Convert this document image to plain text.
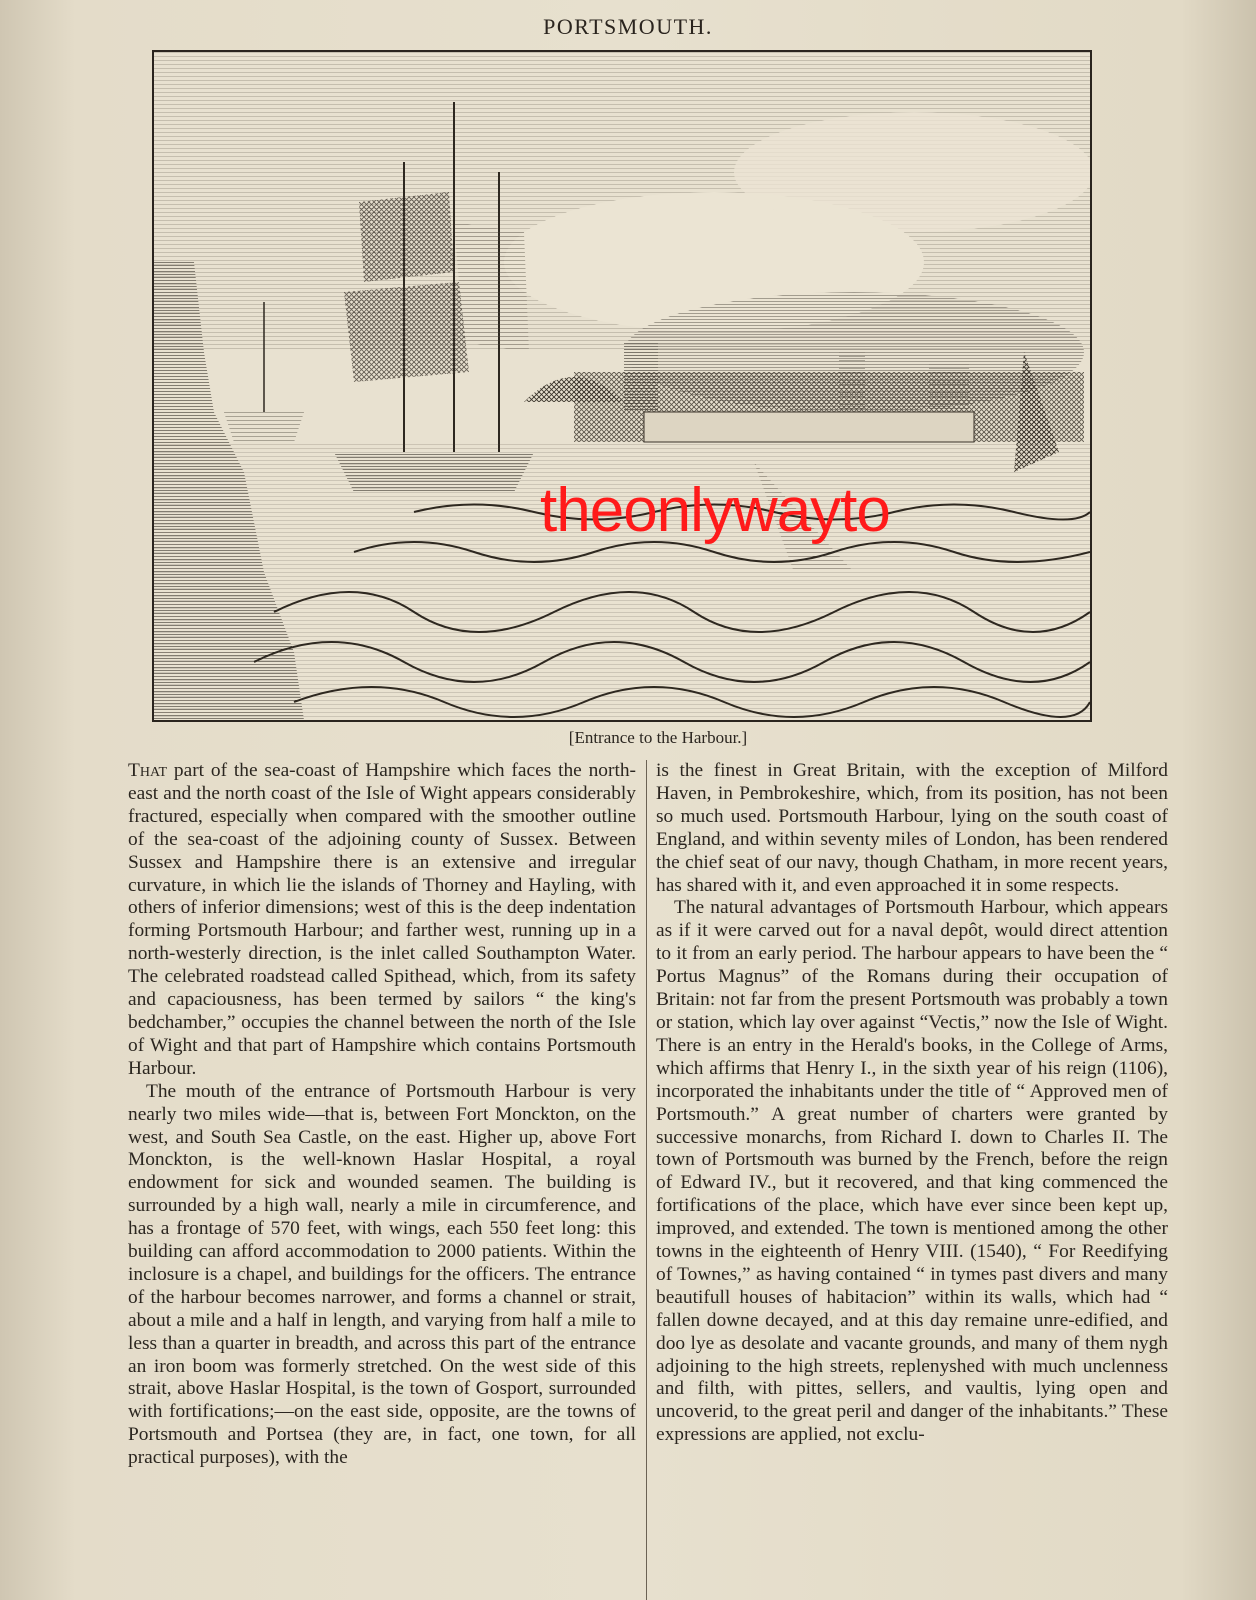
PORTSMOUTH.
theonlywayto
[Entrance to the Harbour.]

That part of the sea-coast of Hampshire which faces the north-east and the north coast of the Isle of Wight appears considerably fractured, especially when compared with the smoother outline of the sea-coast of the adjoining county of Sussex. Between Sussex and Hampshire there is an extensive and irregular curvature, in which lie the islands of Thorney and Hayling, with others of inferior dimensions; west of this is the deep indentation forming Portsmouth Harbour; and farther west, running up in a north-westerly direction, is the inlet called Southampton Water. The celebrated roadstead called Spithead, which, from its safety and capaciousness, has been termed by sailors “ the king's bedchamber,” occupies the channel between the north of the Isle of Wight and that part of Hampshire which contains Portsmouth Harbour.

The mouth of the entrance of Portsmouth Harbour is very nearly two miles wide—that is, between Fort Monckton, on the west, and South Sea Castle, on the east. Higher up, above Fort Monckton, is the well-known Haslar Hospital, a royal endowment for sick and wounded seamen. The building is surrounded by a high wall, nearly a mile in circumference, and has a frontage of 570 feet, with wings, each 550 feet long: this building can afford accommodation to 2000 patients. Within the inclosure is a chapel, and buildings for the officers. The entrance of the harbour becomes narrower, and forms a channel or strait, about a mile and a half in length, and varying from half a mile to less than a quarter in breadth, and across this part of the entrance an iron boom was formerly stretched. On the west side of this strait, above Haslar Hospital, is the town of Gosport, surrounded with fortifications;—on the east side, opposite, are the towns of Portsmouth and Portsea (they are, in fact, one town, for all practical purposes), with the

is the finest in Great Britain, with the exception of Milford Haven, in Pembrokeshire, which, from its position, has not been so much used. Portsmouth Harbour, lying on the south coast of England, and within seventy miles of London, has been rendered the chief seat of our navy, though Chatham, in more recent years, has shared with it, and even approached it in some respects.

The natural advantages of Portsmouth Harbour, which appears as if it were carved out for a naval depôt, would direct attention to it from an early period. The harbour appears to have been the “ Portus Magnus” of the Romans during their occupation of Britain: not far from the present Portsmouth was probably a town or station, which lay over against “Vectis,” now the Isle of Wight. There is an entry in the Herald's books, in the College of Arms, which affirms that Henry I., in the sixth year of his reign (1106), incorporated the inhabitants under the title of “ Approved men of Portsmouth.” A great number of charters were granted by successive monarchs, from Richard I. down to Charles II. The town of Portsmouth was burned by the French, before the reign of Edward IV., but it recovered, and that king commenced the fortifications of the place, which have ever since been kept up, improved, and extended. The town is mentioned among the other towns in the eighteenth of Henry VIII. (1540), “ For Reedifying of Townes,” as having contained “ in tymes past divers and many beautifull houses of habitacion” within its walls, which had “ fallen downe decayed, and at this day remaine unre-edified, and doo lye as desolate and vacante grounds, and many of them nygh adjoining to the high streets, replenyshed with much unclenness and filth, with pittes, sellers, and vaultis, lying open and uncoverid, to the great peril and danger of the inhabitants.” These expressions are applied, not exclu-
